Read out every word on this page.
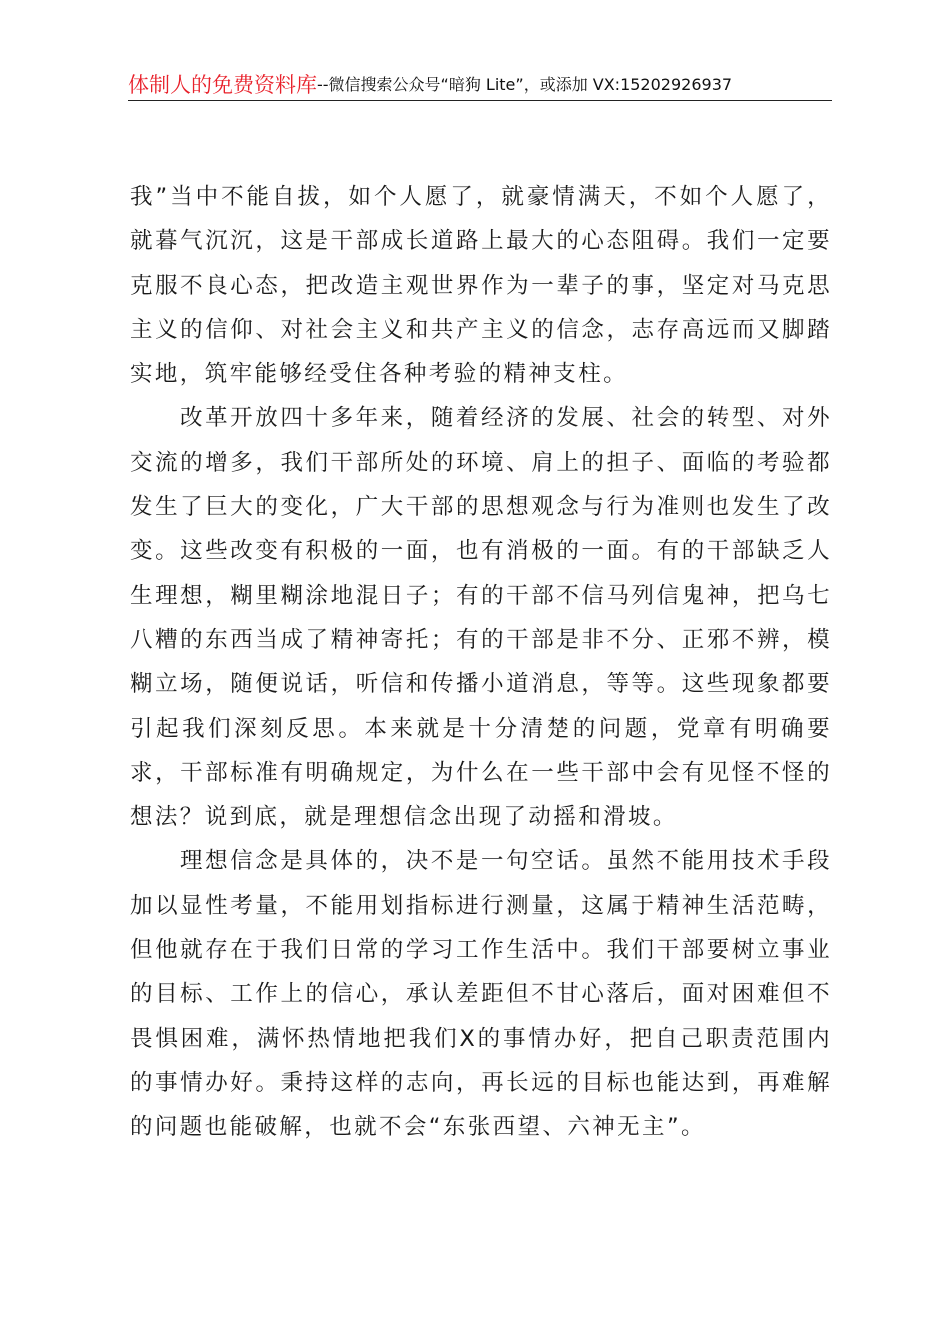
体制人的免费资料库--微信搜索公众号“暗狗 Lite”，或添加 VX:15202926937

我”当中不能自拔，如个人愿了，就豪情满天，不如个人愿了，就暮气沉沉，这是干部成长道路上最大的心态阻碍。我们一定要克服不良心态，把改造主观世界作为一辈子的事，坚定对马克思主义的信仰、对社会主义和共产主义的信念，志存高远而又脚踏实地，筑牢能够经受住各种考验的精神支柱。

改革开放四十多年来，随着经济的发展、社会的转型、对外交流的增多，我们干部所处的环境、肩上的担子、面临的考验都发生了巨大的变化，广大干部的思想观念与行为准则也发生了改变。这些改变有积极的一面，也有消极的一面。有的干部缺乏人生理想，糊里糊涂地混日子；有的干部不信马列信鬼神，把乌七八糟的东西当成了精神寄托；有的干部是非不分、正邪不辨，模糊立场，随便说话，听信和传播小道消息，等等。这些现象都要引起我们深刻反思。本来就是十分清楚的问题，党章有明确要求，干部标准有明确规定，为什么在一些干部中会有见怪不怪的想法？说到底，就是理想信念出现了动摇和滑坡。

理想信念是具体的，决不是一句空话。虽然不能用技术手段加以显性考量，不能用划指标进行测量，这属于精神生活范畴，但他就存在于我们日常的学习工作生活中。我们干部要树立事业的目标、工作上的信心，承认差距但不甘心落后，面对困难但不畏惧困难，满怀热情地把我们X的事情办好，把自己职责范围内的事情办好。秉持这样的志向，再长远的目标也能达到，再难解的问题也能破解，也就不会“东张西望、六神无主”。
